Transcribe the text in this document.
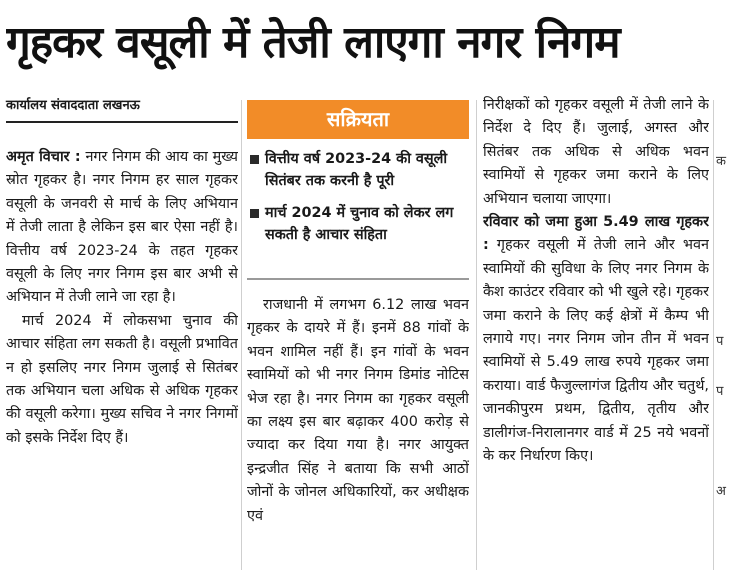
गृहकर वसूली में तेजी लाएगा नगर निगम
कार्यालय संवाददाता लखनऊ

अमृत विचार : नगर निगम की आय का मुख्य स्रोत गृहकर है। नगर निगम हर साल गृहकर वसूली के जनवरी से मार्च के लिए अभियान में तेजी लाता है लेकिन इस बार ऐसा नहीं है। वित्तीय वर्ष 2023-24 के तहत गृहकर वसूली के लिए नगर निगम इस बार अभी से अभियान में तेजी लाने जा रहा है।

मार्च 2024 में लोकसभा चुनाव की आचार संहिता लग सकती है। वसूली प्रभावित न हो इसलिए नगर निगम जुलाई से सितंबर तक अभियान चला अधिक से अधिक गृहकर की वसूली करेगा। मुख्य सचिव ने नगर निगमों को इसके निर्देश दिए हैं।

सक्रियता
वित्तीय वर्ष 2023-24 की वसूली सितंबर तक करनी है पूरी
मार्च 2024 में चुनाव को लेकर लग सकती है आचार संहिता

राजधानी में लगभग 6.12 लाख भवन गृहकर के दायरे में हैं। इनमें 88 गांवों के भवन शामिल नहीं हैं। इन गांवों के भवन स्वामियों को भी नगर निगम डिमांड नोटिस भेज रहा है। नगर निगम का गृहकर वसूली का लक्ष्य इस बार बढ़ाकर 400 करोड़ से ज्यादा कर दिया गया है। नगर आयुक्त इन्द्रजीत सिंह ने बताया कि सभी आठों जोनों के जोनल अधिकारियों, कर अधीक्षक एवं

निरीक्षकों को गृहकर वसूली में तेजी लाने के निर्देश दे दिए हैं। जुलाई, अगस्त और सितंबर तक अधिक से अधिक भवन स्वामियों से गृहकर जमा कराने के लिए अभियान चलाया जाएगा।

रविवार को जमा हुआ 5.49 लाख गृहकर : गृहकर वसूली में तेजी लाने और भवन स्वामियों की सुविधा के लिए नगर निगम के कैश काउंटर रविवार को भी खुले रहे। गृहकर जमा कराने के लिए कई क्षेत्रों में कैम्प भी लगाये गए। नगर निगम जोन तीन में भवन स्वामियों से 5.49 लाख रुपये गृहकर जमा कराया। वार्ड फैजुल्लागंज द्वितीय और चतुर्थ, जानकीपुरम प्रथम, द्वितीय, तृतीय और डालीगंज-निरालानगर वार्ड में 25 नये भवनों के कर निर्धारण किए।

क
प
प
अ
